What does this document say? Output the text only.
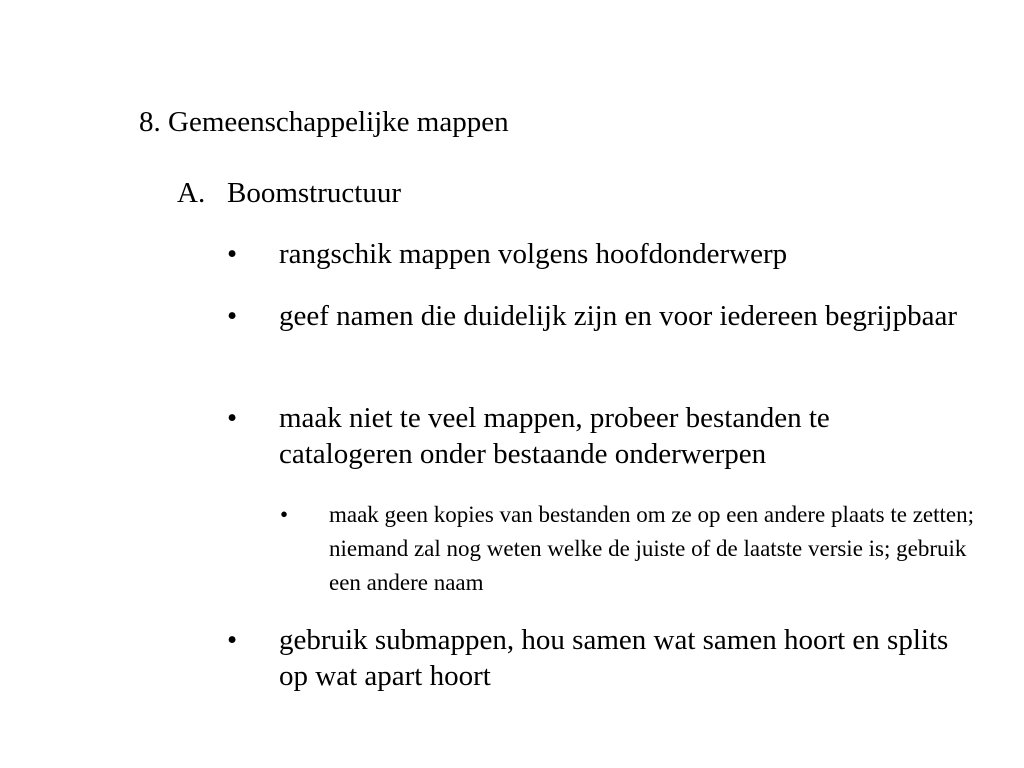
8. Gemeenschappelijke mappen
A. Boomstructuur
• rangschik mappen volgens hoofdonderwerp
• geef namen die duidelijk zijn en voor iedereen begrijpbaar
• maak niet te veel mappen, probeer bestanden te catalogeren onder bestaande onderwerpen
• maak geen kopies van bestanden om ze op een andere plaats te zetten; niemand zal nog weten welke de juiste of de laatste versie is; gebruik een andere naam
• gebruik submappen, hou samen wat samen hoort en splits op wat apart hoort
